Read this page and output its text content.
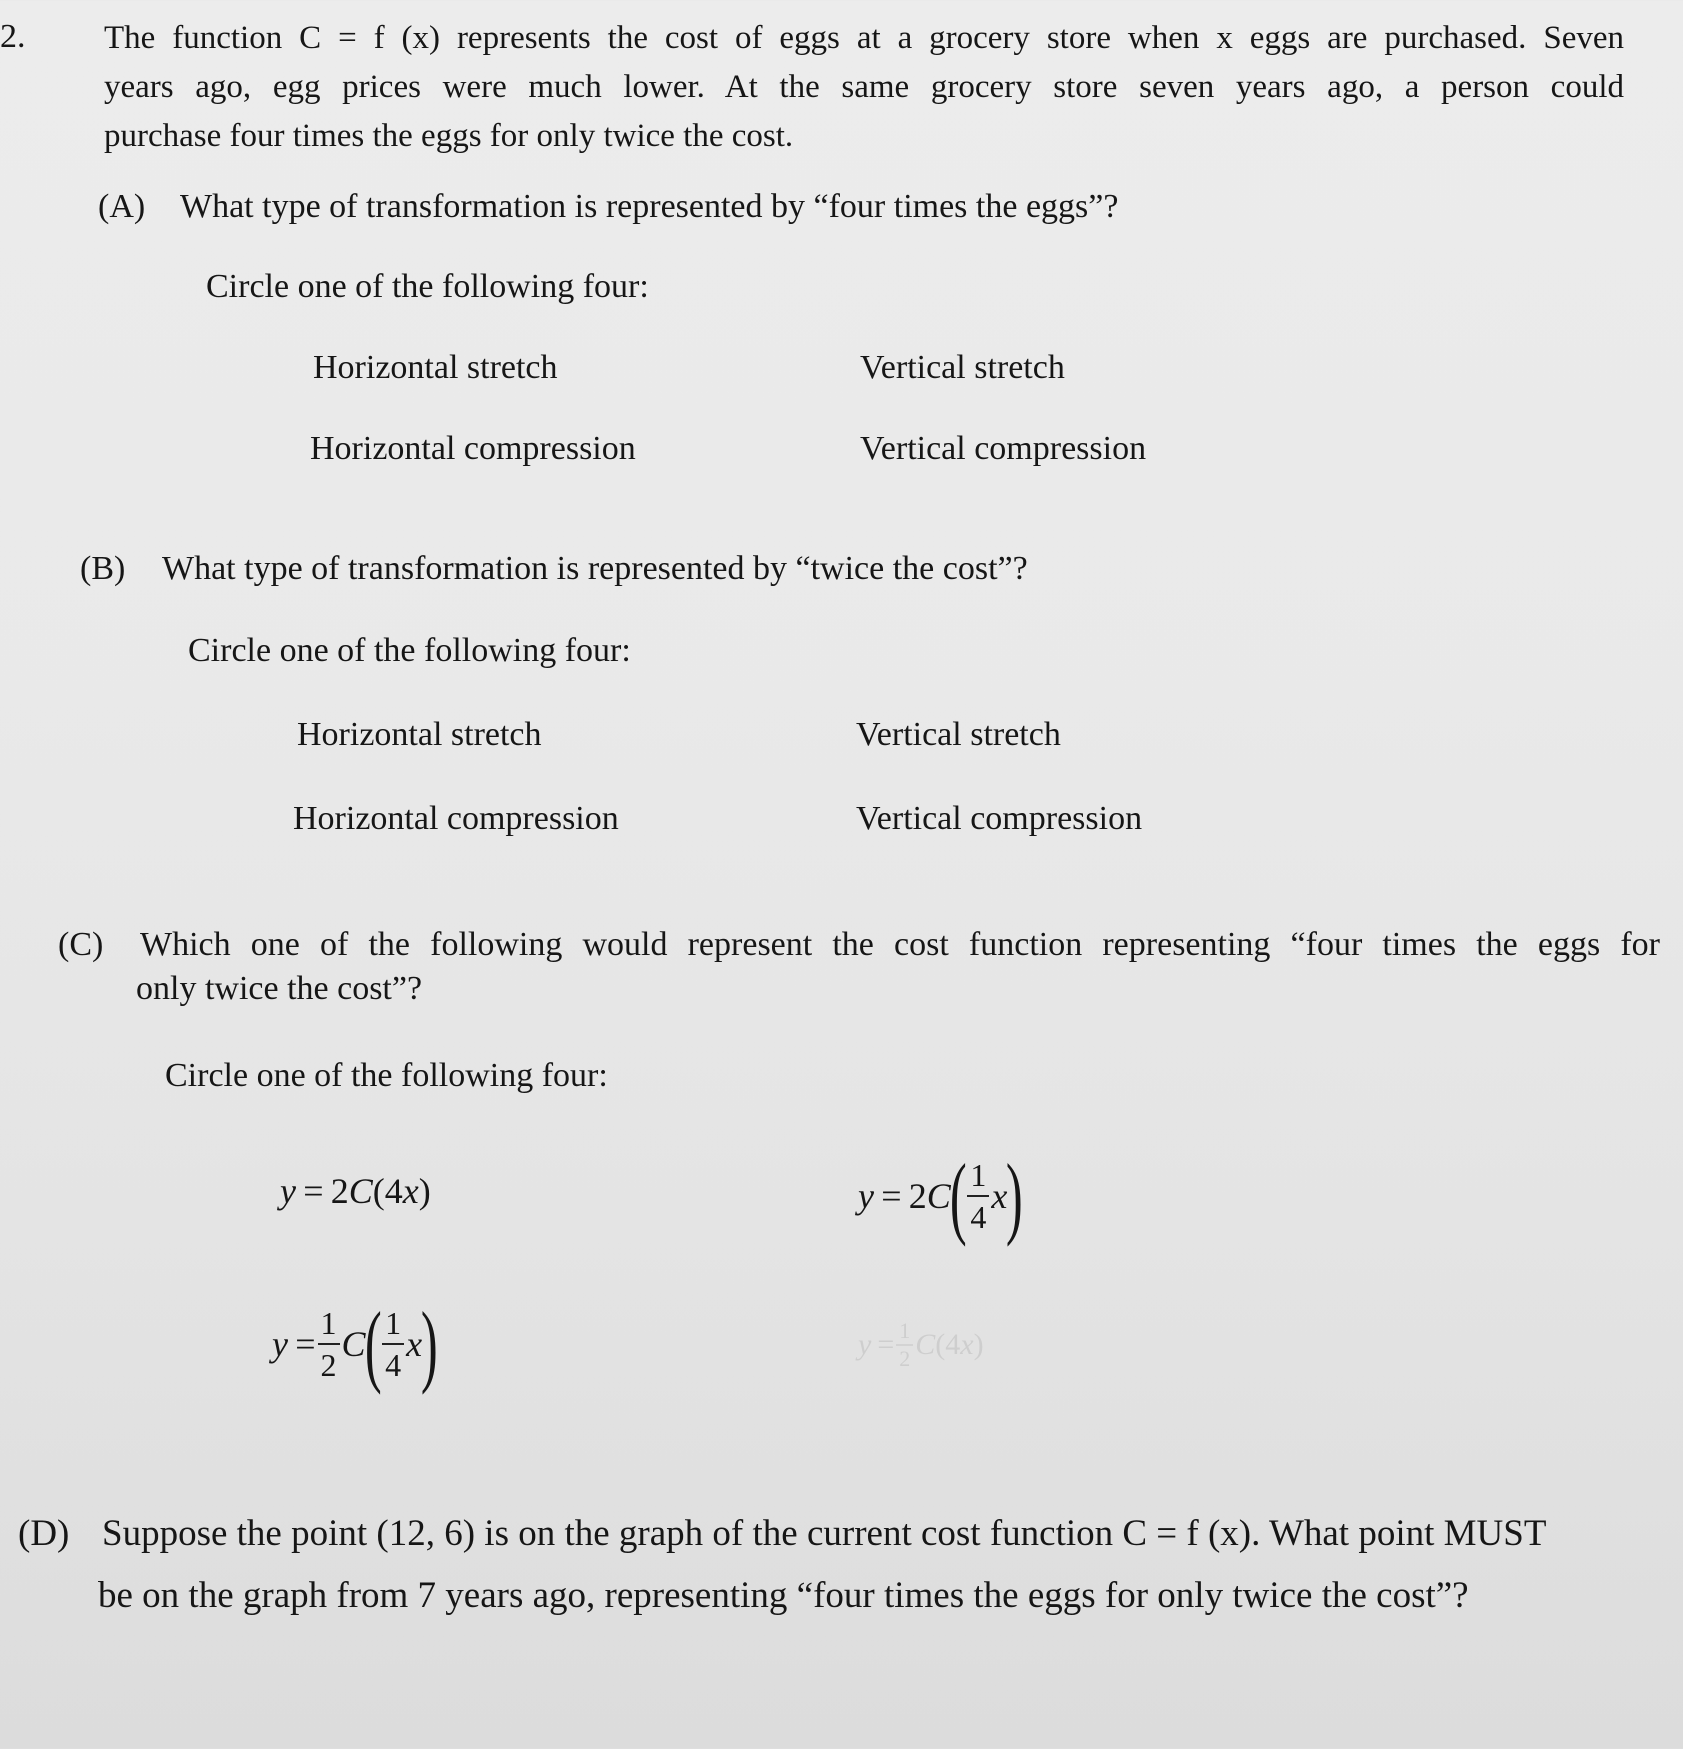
2. The function C = f (x) represents the cost of eggs at a grocery store when x eggs are purchased. Seven
years ago, egg prices were much lower. At the same grocery store seven years ago, a person could
purchase four times the eggs for only twice the cost.
(A) What type of transformation is represented by “four times the eggs”?
Circle one of the following four:
Horizontal stretch	Vertical stretch
Horizontal compression	Vertical compression
(B) What type of transformation is represented by “twice the cost”?
Circle one of the following four:
Horizontal stretch	Vertical stretch
Horizontal compression	Vertical compression
(C) Which one of the following would represent the cost function representing “four times the eggs for
only twice the cost”?
Circle one of the following four:
y = 2C(4x)	$y = 2C( \frac{1}{4} x)$
$y = \frac{1}{2} C( \frac{1}{4} x)$	$y = \frac{1}{2} C(4x)$
(D) Suppose the point (12, 6) is on the graph of the current cost function C = f (x). What point MUST
be on the graph from 7 years ago, representing “four times the eggs for only twice the cost”?
